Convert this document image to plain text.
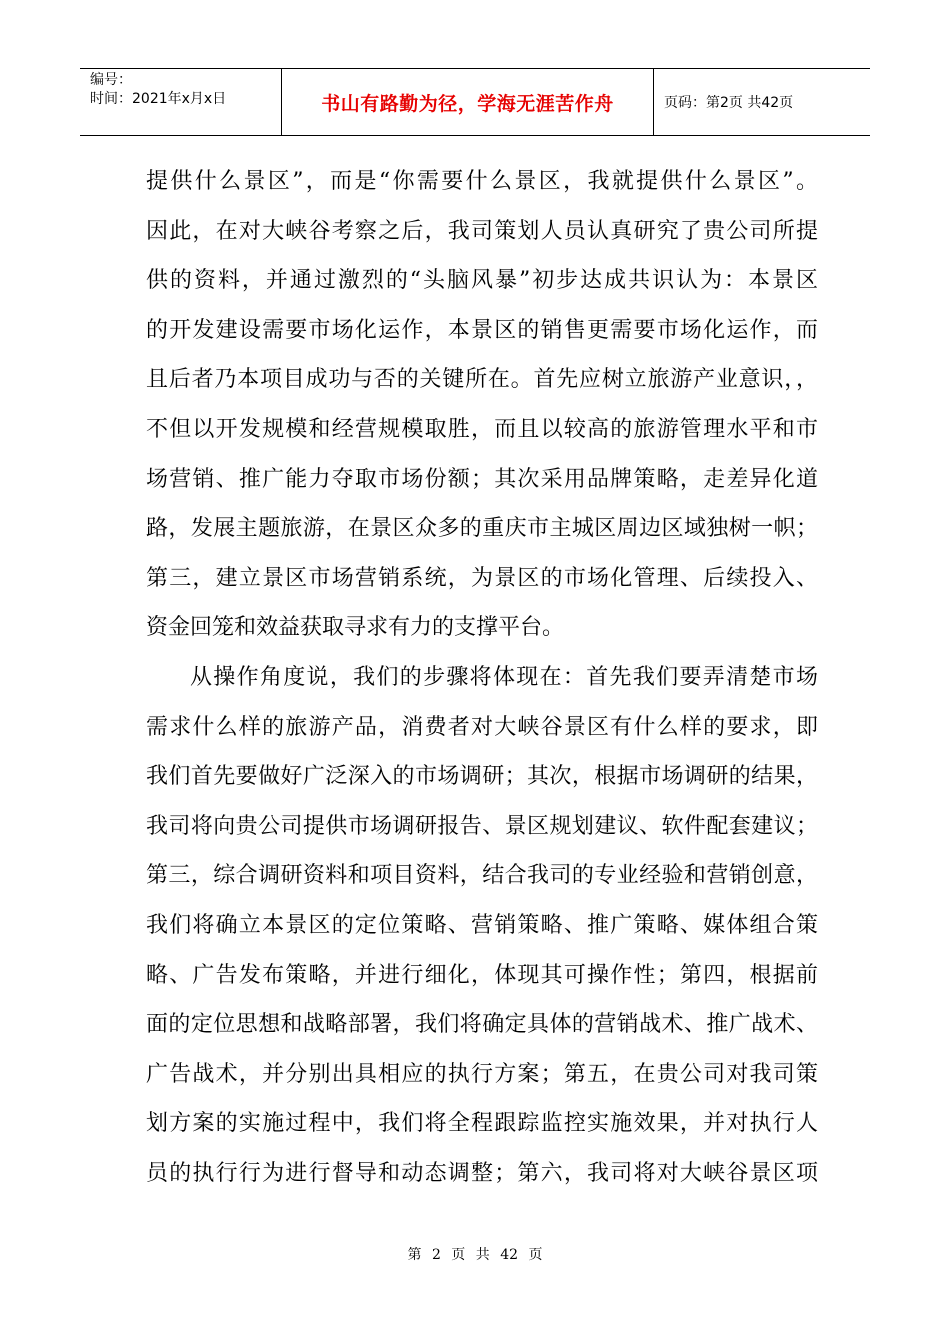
编号：
时间：2021年x月x日	书山有路勤为径，学海无涯苦作舟	页码：第2页 共42页
提供什么景区”，而是“你需要什么景区，我就提供什么景区”。
因此，在对大峡谷考察之后，我司策划人员认真研究了贵公司所提
供的资料，并通过激烈的“头脑风暴”初步达成共识认为：本景区
的开发建设需要市场化运作，本景区的销售更需要市场化运作，而
且后者乃本项目成功与否的关键所在。首先应树立旅游产业意识，，
不但以开发规模和经营规模取胜，而且以较高的旅游管理水平和市
场营销、推广能力夺取市场份额；其次采用品牌策略，走差异化道
路，发展主题旅游，在景区众多的重庆市主城区周边区域独树一帜；
第三，建立景区市场营销系统，为景区的市场化管理、后续投入、
资金回笼和效益获取寻求有力的支撑平台。
从操作角度说，我们的步骤将体现在：首先我们要弄清楚市场
需求什么样的旅游产品，消费者对大峡谷景区有什么样的要求，即
我们首先要做好广泛深入的市场调研；其次，根据市场调研的结果，
我司将向贵公司提供市场调研报告、景区规划建议、软件配套建议；
第三，综合调研资料和项目资料，结合我司的专业经验和营销创意，
我们将确立本景区的定位策略、营销策略、推广策略、媒体组合策
略、广告发布策略，并进行细化，体现其可操作性；第四，根据前
面的定位思想和战略部署，我们将确定具体的营销战术、推广战术、
广告战术，并分别出具相应的执行方案；第五，在贵公司对我司策
划方案的实施过程中，我们将全程跟踪监控实施效果，并对执行人
员的执行行为进行督导和动态调整；第六，我司将对大峡谷景区项
第 2 页 共 42 页
